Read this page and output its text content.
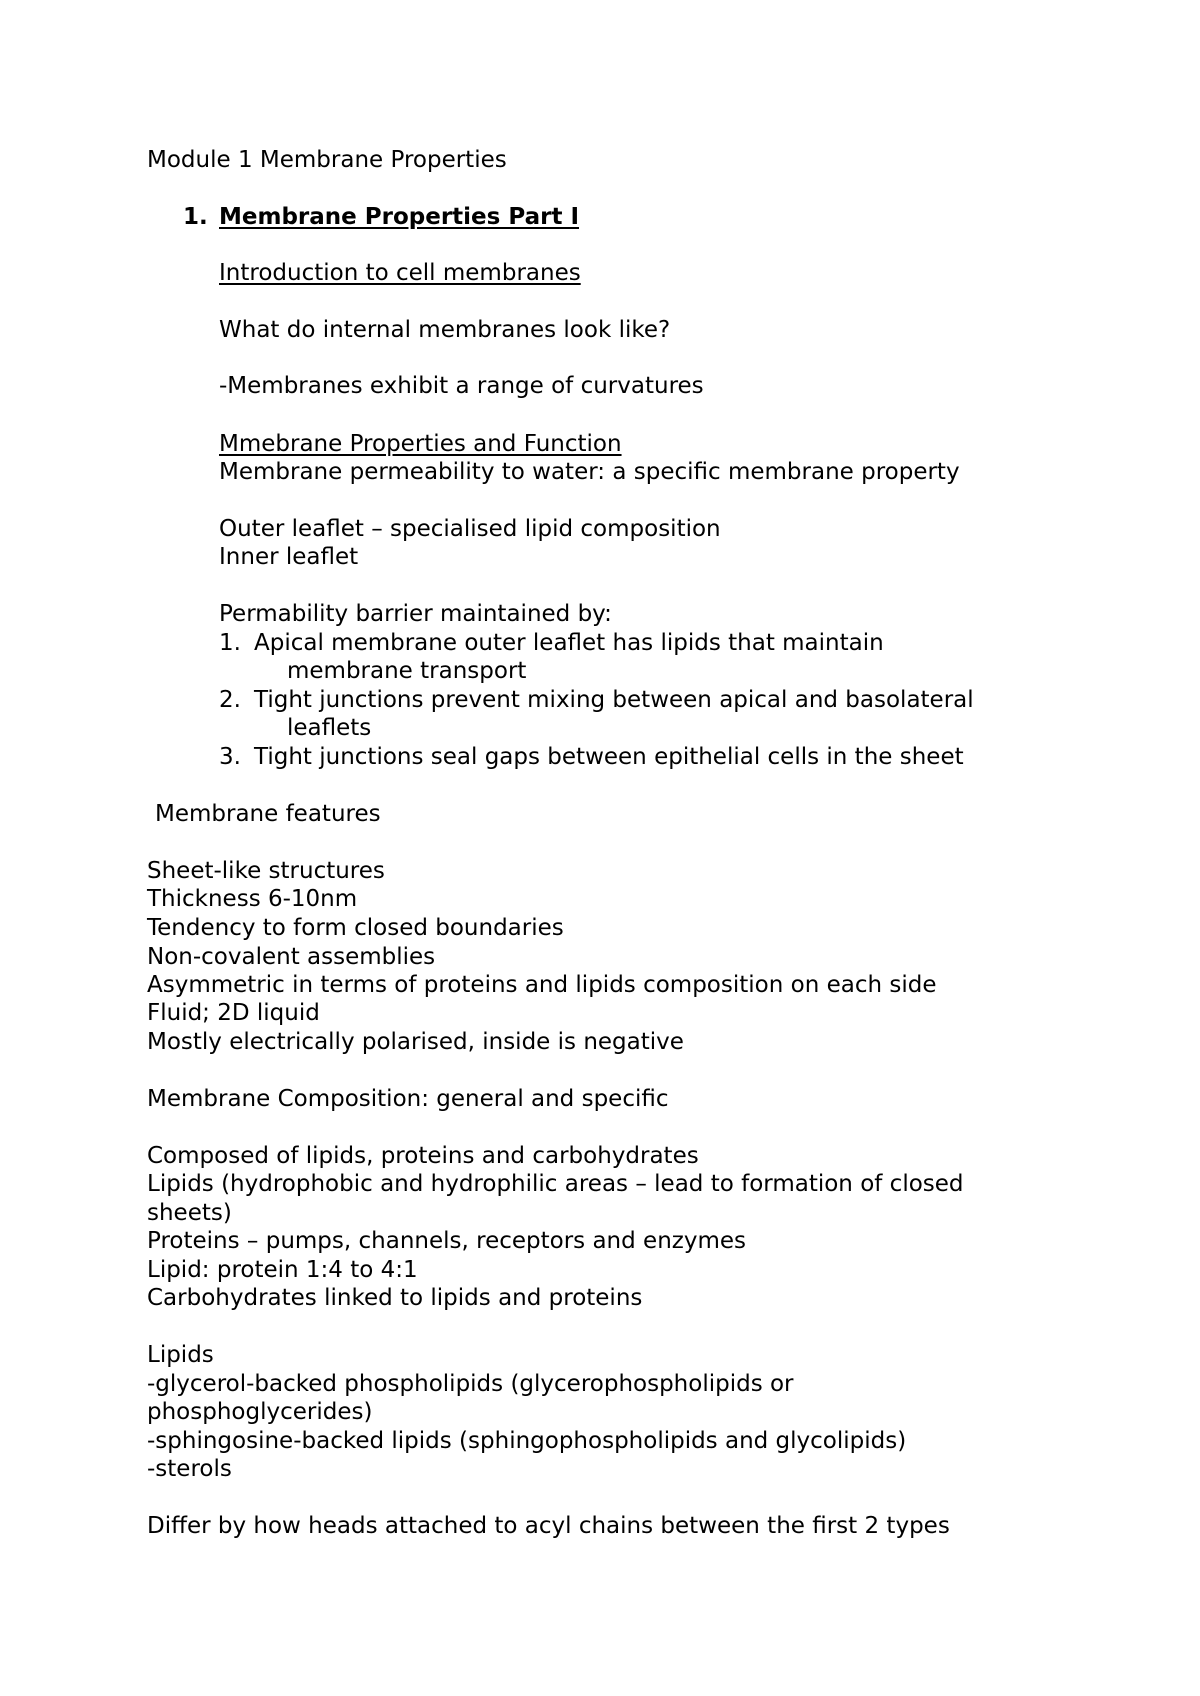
Module 1 Membrane Properties
1. Membrane Properties Part I
Introduction to cell membranes
What do internal membranes look like?
-Membranes exhibit a range of curvatures
Mmebrane Properties and Function
Membrane permeability to water: a specific membrane property
Outer leaflet – specialised lipid composition
Inner leaflet
Permability barrier maintained by:
1. Apical membrane outer leaflet has lipids that maintain
membrane transport
2. Tight junctions prevent mixing between apical and basolateral
leaflets
3. Tight junctions seal gaps between epithelial cells in the sheet
Membrane features
Sheet-like structures
Thickness 6-10nm
Tendency to form closed boundaries
Non-covalent assemblies
Asymmetric in terms of proteins and lipids composition on each side
Fluid; 2D liquid
Mostly electrically polarised, inside is negative
Membrane Composition: general and specific
Composed of lipids, proteins and carbohydrates
Lipids (hydrophobic and hydrophilic areas – lead to formation of closed
sheets)
Proteins – pumps, channels, receptors and enzymes
Lipid: protein 1:4 to 4:1
Carbohydrates linked to lipids and proteins
Lipids
-glycerol-backed phospholipids (glycerophospholipids or
phosphoglycerides)
-sphingosine-backed lipids (sphingophospholipids and glycolipids)
-sterols
Differ by how heads attached to acyl chains between the first 2 types
